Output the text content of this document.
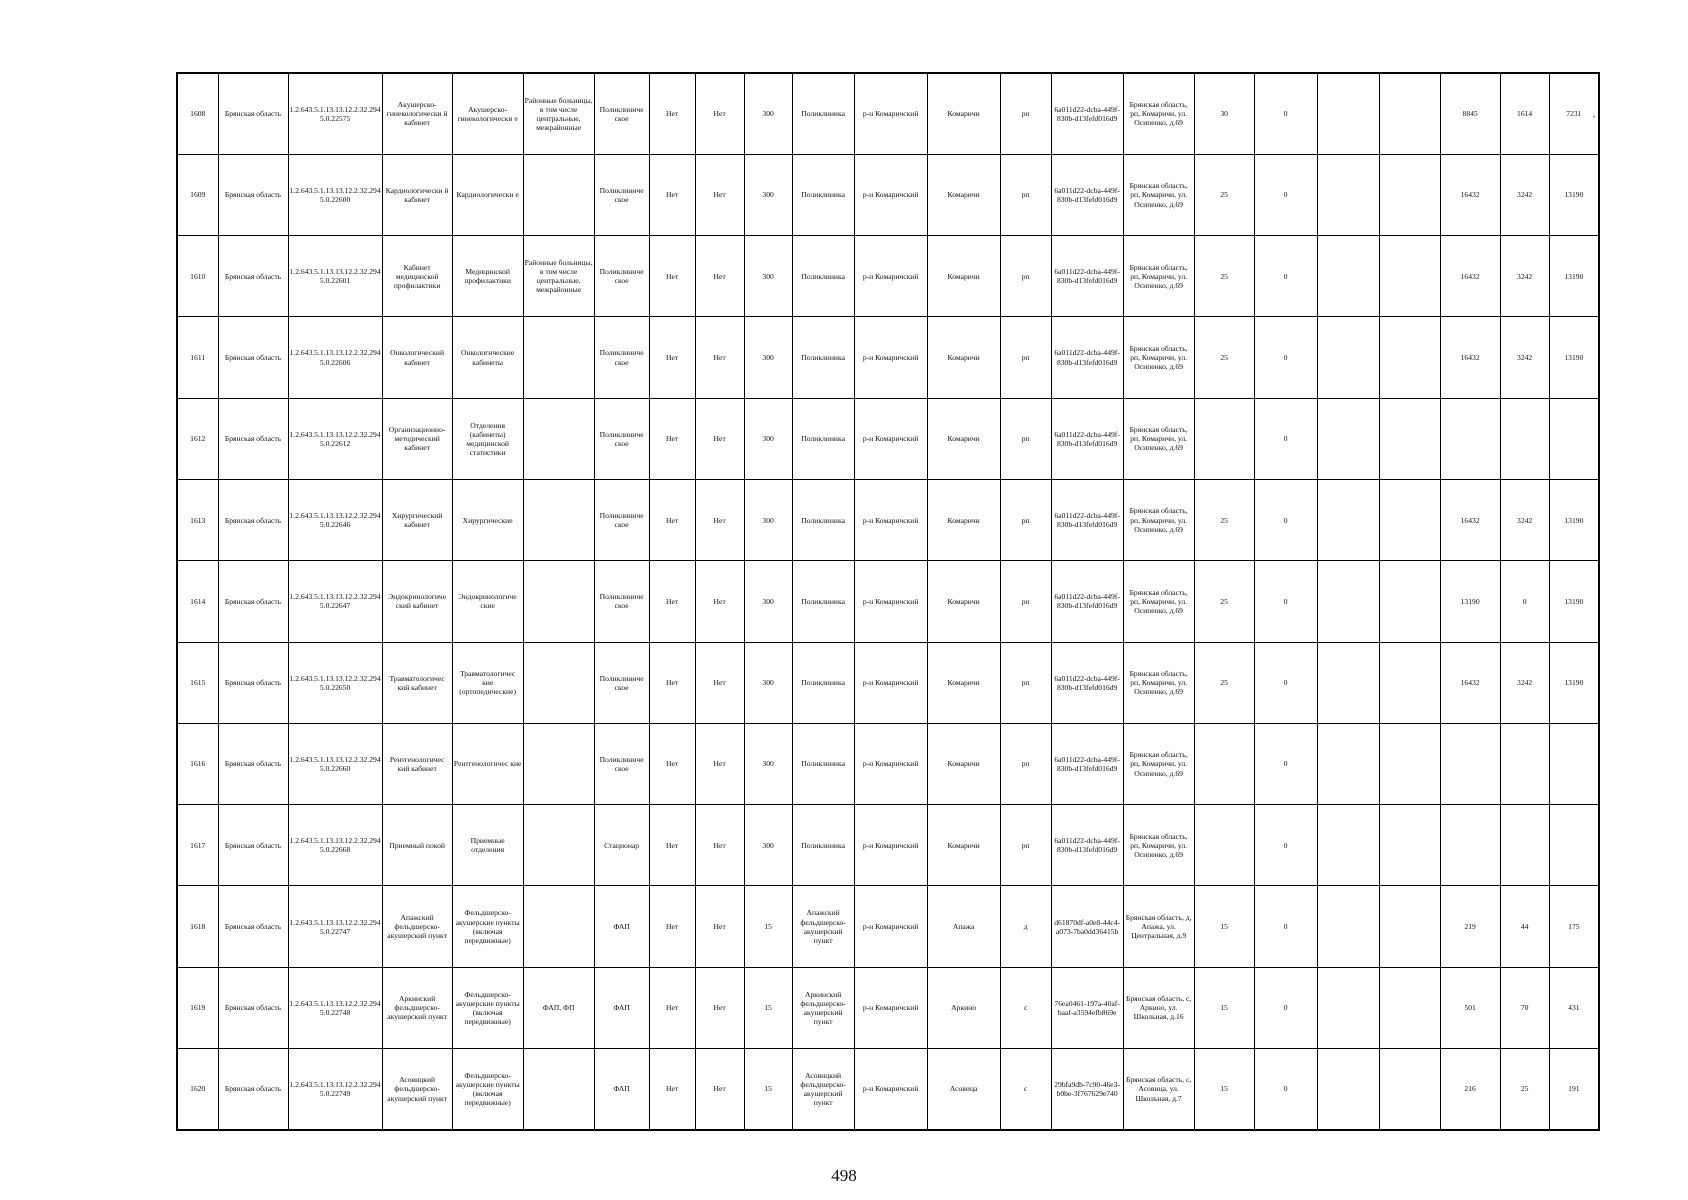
1608	Брянская область	1.2.643.5.1.13.13.12.2.32.294 5.0.22575	Акушерско-гинекологически й кабинет	Акушерско-гинекологически е	Районные больницы, в том числе центральные, межрайонные	Поликлиниче ское	Нет	Нет	300	Поликлиника	р-н Комаричский	Комаричи	рп	6a011d22-dcba-449f-830b-d13fefd016d9	Брянская область, рп, Комаричи, ул. Осипенко, д.69	30	0			8845	1614	7231
1609	Брянская область	1.2.643.5.1.13.13.12.2.32.294 5.0.22600	Кардиологически й кабинет	Кардиологически е		Поликлиниче ское	Нет	Нет	300	Поликлиника	р-н Комаричский	Комаричи	рп	6a011d22-dcba-449f-830b-d13fefd016d9	Брянская область, рп, Комаричи, ул. Осипенко, д.69	25	0			16432	3242	13190
1610	Брянская область	1.2.643.5.1.13.13.12.2.32.294 5.0.22601	Кабинет медицинской профилактики	Медицинской профилактики	Районные больницы, в том числе центральные, межрайонные	Поликлиниче ское	Нет	Нет	300	Поликлиника	р-н Комаричский	Комаричи	рп	6a011d22-dcba-449f-830b-d13fefd016d9	Брянская область, рп, Комаричи, ул. Осипенко, д.69	25	0			16432	3242	13190
1611	Брянская область	1.2.643.5.1.13.13.12.2.32.294 5.0.22606	Онкологический кабинет	Онкологические кабинеты		Поликлиниче ское	Нет	Нет	300	Поликлиника	р-н Комаричский	Комаричи	рп	6a011d22-dcba-449f-830b-d13fefd016d9	Брянская область, рп, Комаричи, ул. Осипенко, д.69	25	0			16432	3242	13190
1612	Брянская область	1.2.643.5.1.13.13.12.2.32.294 5.0.22612	Организационно-методический кабинет	Отделения (кабинеты) медицинской статистики		Поликлиниче ское	Нет	Нет	300	Поликлиника	р-н Комаричский	Комаричи	рп	6a011d22-dcba-449f-830b-d13fefd016d9	Брянская область, рп, Комаричи, ул. Осипенко, д.69		0					
1613	Брянская область	1.2.643.5.1.13.13.12.2.32.294 5.0.22646	Хирургический кабинет	Хирургические		Поликлиниче ское	Нет	Нет	300	Поликлиника	р-н Комаричский	Комаричи	рп	6a011d22-dcba-449f-830b-d13fefd016d9	Брянская область, рп, Комаричи, ул. Осипенко, д.69	25	0			16432	3242	13190
1614	Брянская область	1.2.643.5.1.13.13.12.2.32.294 5.0.22647	Эндокринологиче ский кабинет	Эндокринологиче ские		Поликлиниче ское	Нет	Нет	300	Поликлиника	р-н Комаричский	Комаричи	рп	6a011d22-dcba-449f-830b-d13fefd016d9	Брянская область, рп, Комаричи, ул. Осипенко, д.69	25	0			13190	0	13190
1615	Брянская область	1.2.643.5.1.13.13.12.2.32.294 5.0.22650	Травматологичес кий кабинет	Травматологичес кие (ортопедические)		Поликлиниче ское	Нет	Нет	300	Поликлиника	р-н Комаричский	Комаричи	рп	6a011d22-dcba-449f-830b-d13fefd016d9	Брянская область, рп, Комаричи, ул. Осипенко, д.69	25	0			16432	3242	13190
1616	Брянская область	1.2.643.5.1.13.13.12.2.32.294 5.0.22660	Рентгенологичес кий кабинет	Рентгенологичес кие		Поликлиниче ское	Нет	Нет	300	Поликлиника	р-н Комаричский	Комаричи	рп	6a011d22-dcba-449f-830b-d13fefd016d9	Брянская область, рп, Комаричи, ул. Осипенко, д.69		0					
1617	Брянская область	1.2.643.5.1.13.13.12.2.32.294 5.0.22668	Приемный покой	Приемные отделения		Стационар	Нет	Нет	300	Поликлиника	р-н Комаричский	Комаричи	рп	6a011d22-dcba-449f-830b-d13fefd016d9	Брянская область, рп, Комаричи, ул. Осипенко, д.69		0					
1618	Брянская область	1.2.643.5.1.13.13.12.2.32.294 5.0.22747	Апажский фельдшерско-акушерский пункт	Фельдшерско-акушерские пункты (включая передвижные)		ФАП	Нет	Нет	15	Апажский фельдшерско-акушерский пункт	р-н Комаричский	Апажа	д	d61870df-a0e8-44c4-a073-7ba0dd36415b	Брянская область, д, Апажа, ул. Центральная, д.9	15	0			219	44	175
1619	Брянская область	1.2.643.5.1.13.13.12.2.32.294 5.0.22748	Аркинский фельдшерско-акушерский пункт	Фельдшерско-акушерские пункты (включая передвижные)	ФАП, ФП	ФАП	Нет	Нет	15	Аркинский фельдшерско-акушерский пункт	р-н Комаричский	Аркино	с	76ea0461-197a-40af-baaf-a3594efb869e	Брянская область, с, Аркино, ул. Школьная, д.16	15	0			501	70	431
1620	Брянская область	1.2.643.5.1.13.13.12.2.32.294 5.0.22749	Асовицкий фельдшерско-акушерский пункт	Фельдшерско-акушерские пункты (включая передвижные)		ФАП	Нет	Нет	15	Асовицкий фельдшерско-акушерский пункт	р-н Комаричский	Асовица	с	29bfa9db-7c90-46e3-b0be-3f767629e740	Брянская область, с, Асовица, ул. Школьная, д.7	15	0			216	25	191
498
ˎ
